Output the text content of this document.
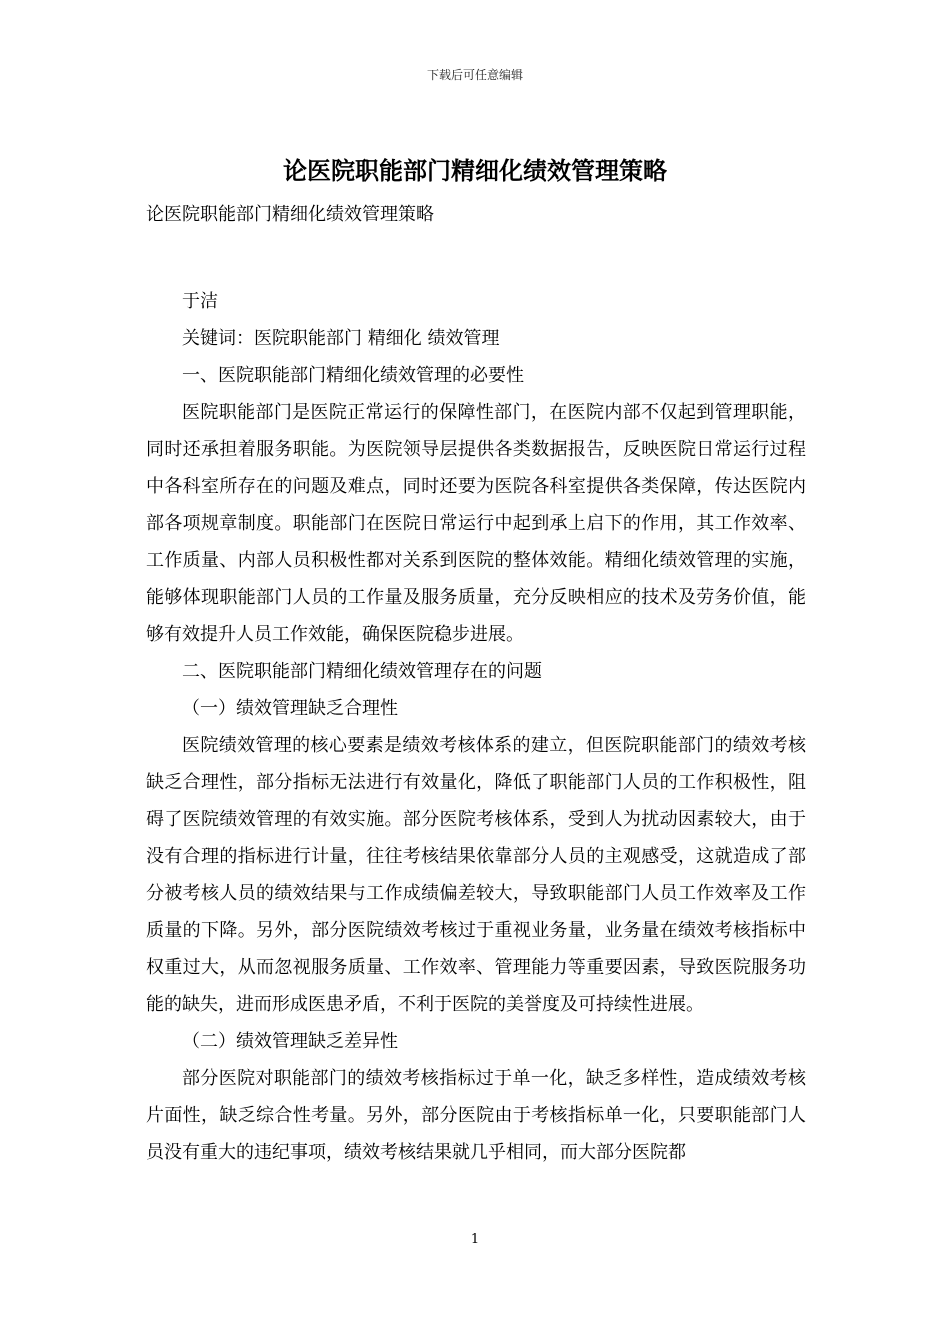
下载后可任意编辑
论医院职能部门精细化绩效管理策略

论医院职能部门精细化绩效管理策略

于洁

关键词：医院职能部门 精细化 绩效管理

一、医院职能部门精细化绩效管理的必要性

医院职能部门是医院正常运行的保障性部门，在医院内部不仅起到管理职能，同时还承担着服务职能。为医院领导层提供各类数据报告，反映医院日常运行过程中各科室所存在的问题及难点，同时还要为医院各科室提供各类保障，传达医院内部各项规章制度。职能部门在医院日常运行中起到承上启下的作用，其工作效率、工作质量、内部人员积极性都对关系到医院的整体效能。精细化绩效管理的实施，能够体现职能部门人员的工作量及服务质量，充分反映相应的技术及劳务价值，能够有效提升人员工作效能，确保医院稳步进展。

二、医院职能部门精细化绩效管理存在的问题

（一）绩效管理缺乏合理性

医院绩效管理的核心要素是绩效考核体系的建立，但医院职能部门的绩效考核缺乏合理性，部分指标无法进行有效量化，降低了职能部门人员的工作积极性，阻碍了医院绩效管理的有效实施。部分医院考核体系，受到人为扰动因素较大，由于没有合理的指标进行计量，往往考核结果依靠部分人员的主观感受，这就造成了部分被考核人员的绩效结果与工作成绩偏差较大，导致职能部门人员工作效率及工作质量的下降。另外，部分医院绩效考核过于重视业务量，业务量在绩效考核指标中权重过大，从而忽视服务质量、工作效率、管理能力等重要因素，导致医院服务功能的缺失，进而形成医患矛盾，不利于医院的美誉度及可持续性进展。

（二）绩效管理缺乏差异性

部分医院对职能部门的绩效考核指标过于单一化，缺乏多样性，造成绩效考核片面性，缺乏综合性考量。另外，部分医院由于考核指标单一化，只要职能部门人员没有重大的违纪事项，绩效考核结果就几乎相同，而大部分医院都

1
